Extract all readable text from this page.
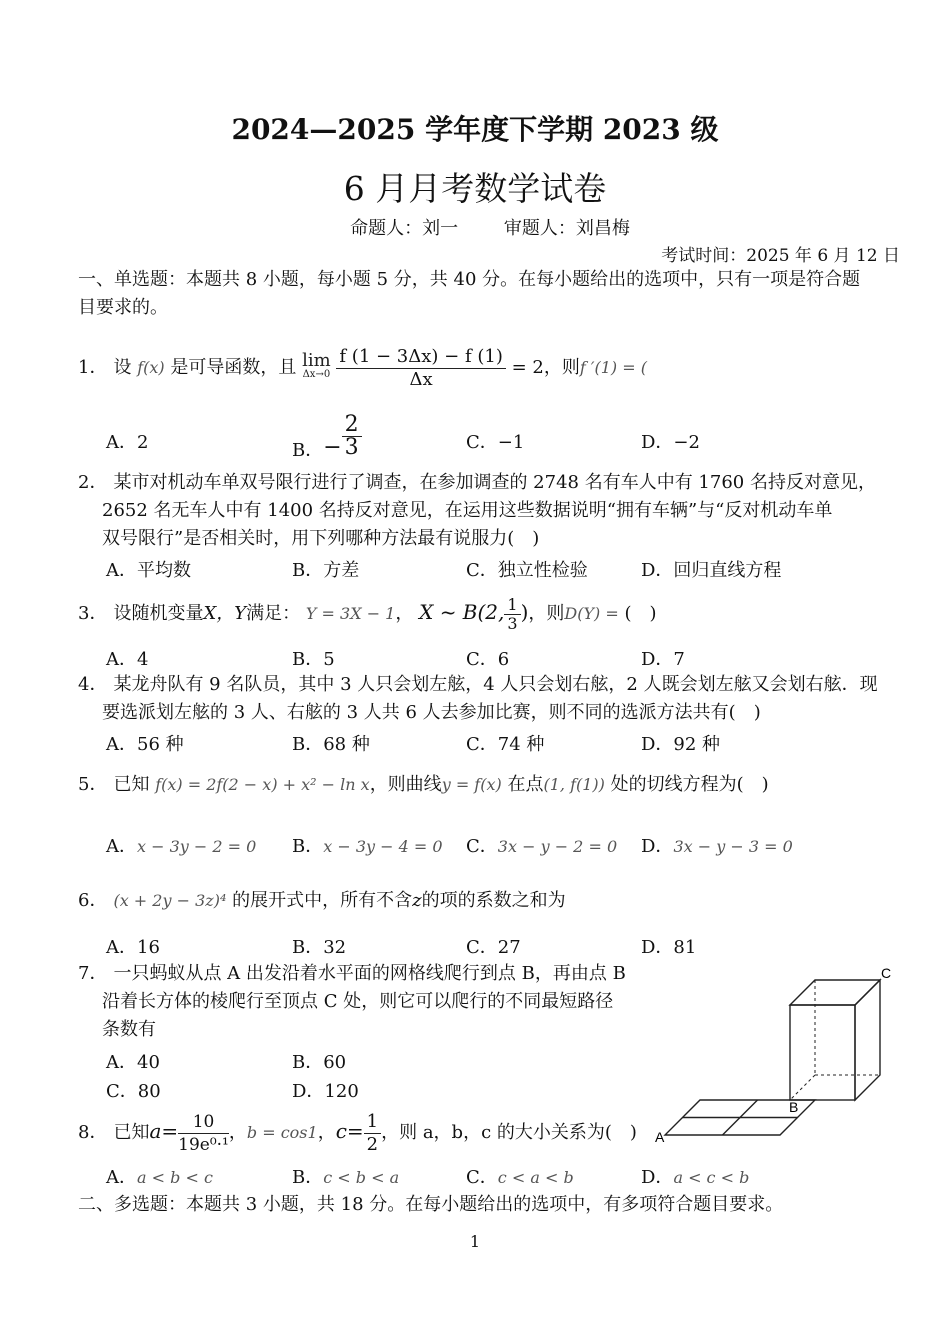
2024—2025 学年度下学期 2023 级
6 月月考数学试卷
命题人：刘一	审题人：刘昌梅
考试时间：2025 年 6 月 12 日
一、单选题：本题共 8 小题，每小题 5 分，共 40 分。在每小题给出的选项中，只有一项是符合题
目要求的。
1． 设 f(x) 是可导函数，且 lim
Δx→0
$\frac{f (1 - 3\Delta x) - f (1)}{\Delta x} = 2$，则f ′(1) = (
A．2	B．− $\frac{2}{3}$	C．−1	D．−2
2． 某市对机动车单双号限行进行了调查，在参加调查的 2748 名有车人中有 1760 名持反对意见，
2652 名无车人中有 1400 名持反对意见，在运用这些数据说明“拥有车辆”与“反对机动车单
双号限行”是否相关时，用下列哪种方法最有说服力(　)
A．平均数	B．方差	C．独立性检验	D．回归直线方程
3． 设随机变量X，Y满足： Y = 3X − 1， X ~ B(2, $\frac{1}{3}$ )，则D(Y) = (　)
A．4	B．5	C．6	D．7
4． 某龙舟队有 9 名队员，其中 3 人只会划左舷，4 人只会划右舷，2 人既会划左舷又会划右舷．现
要选派划左舷的 3 人、右舷的 3 人共 6 人去参加比赛，则不同的选派方法共有(　)
A．56 种	B．68 种	C．74 种	D．92 种
5． 已知 f(x) = 2f(2 − x) + x² − ln x，则曲线y = f(x) 在点(1, f(1)) 处的切线方程为(　)
A．x − 3y − 2 = 0 B．x − 3y − 4 = 0 C．3x − y − 2 = 0 D．3x − y − 3 = 0
6． (x + 2y − 3z)⁴ 的展开式中，所有不含z的项的系数之和为
A．16	B．32	C．27	D．81
7． 一只蚂蚁从点 A 出发沿着水平面的网格线爬行到点 B，再由点 B
沿着长方体的棱爬行至顶点 C 处，则它可以爬行的不同最短路径
条数有
A．40	B．60
C．80	D．120
A
B
C
8． 已知$a= \frac{10}{\text{19e⁰·¹}}$ ，b = cos1，$c= \frac{1}{2}$ ，则 a，b，c 的大小关系为(　)
A．a < b < c	B．c < b < a	C．c < a < b	D．a < c < b
二、多选题：本题共 3 小题，共 18 分。在每小题给出的选项中，有多项符合题目要求。
1
